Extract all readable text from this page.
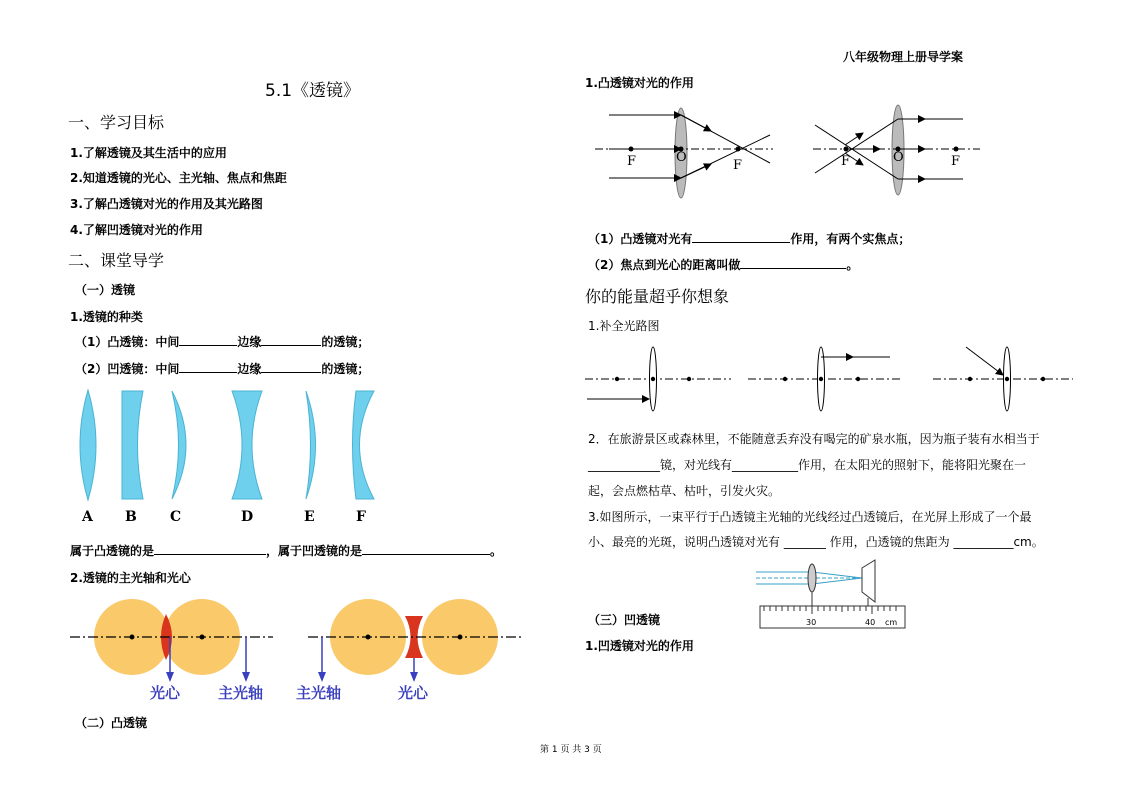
八年级物理上册导学案
5.1《透镜》
一、学习目标
1.了解透镜及其生活中的应用
2.知道透镜的光心、主光轴、焦点和焦距
3.了解凸透镜对光的作用及其光路图
4.了解凹透镜对光的作用
二、课堂导学
（一）透镜
1.透镜的种类
（1）凸透镜：中间	边缘	的透镜；
（2）凹透镜：中间	边缘	的透镜；
A B C	D	E	F
属于凸透镜的是	，属于凹透镜的是	。
2.透镜的主光轴和光心
光心	主光轴 主光轴	光心
（二）凸透镜
1.凸透镜对光的作用
F	O
F	F	O	F
（1）凸透镜对光有	作用，有两个实焦点；
（2）焦点到光心的距离叫做	。
你的能量超乎你想象
1.补全光路图
2．在旅游景区或森林里，不能随意丢弃没有喝完的矿泉水瓶，因为瓶子装有水相当于
____________镜，对光线有___________作用，在太阳光的照射下，能将阳光聚在一
起，会点燃枯草、枯叶，引发火灾。
3.如图所示，一束平行于凸透镜主光轴的光线经过凸透镜后，在光屏上形成了一个最
小、最亮的光斑，说明凸透镜对光有 _______ 作用，凸透镜的焦距为 __________cm。
30	40 cm
（三）凹透镜
1.凹透镜对光的作用
第 1 页 共 3 页
